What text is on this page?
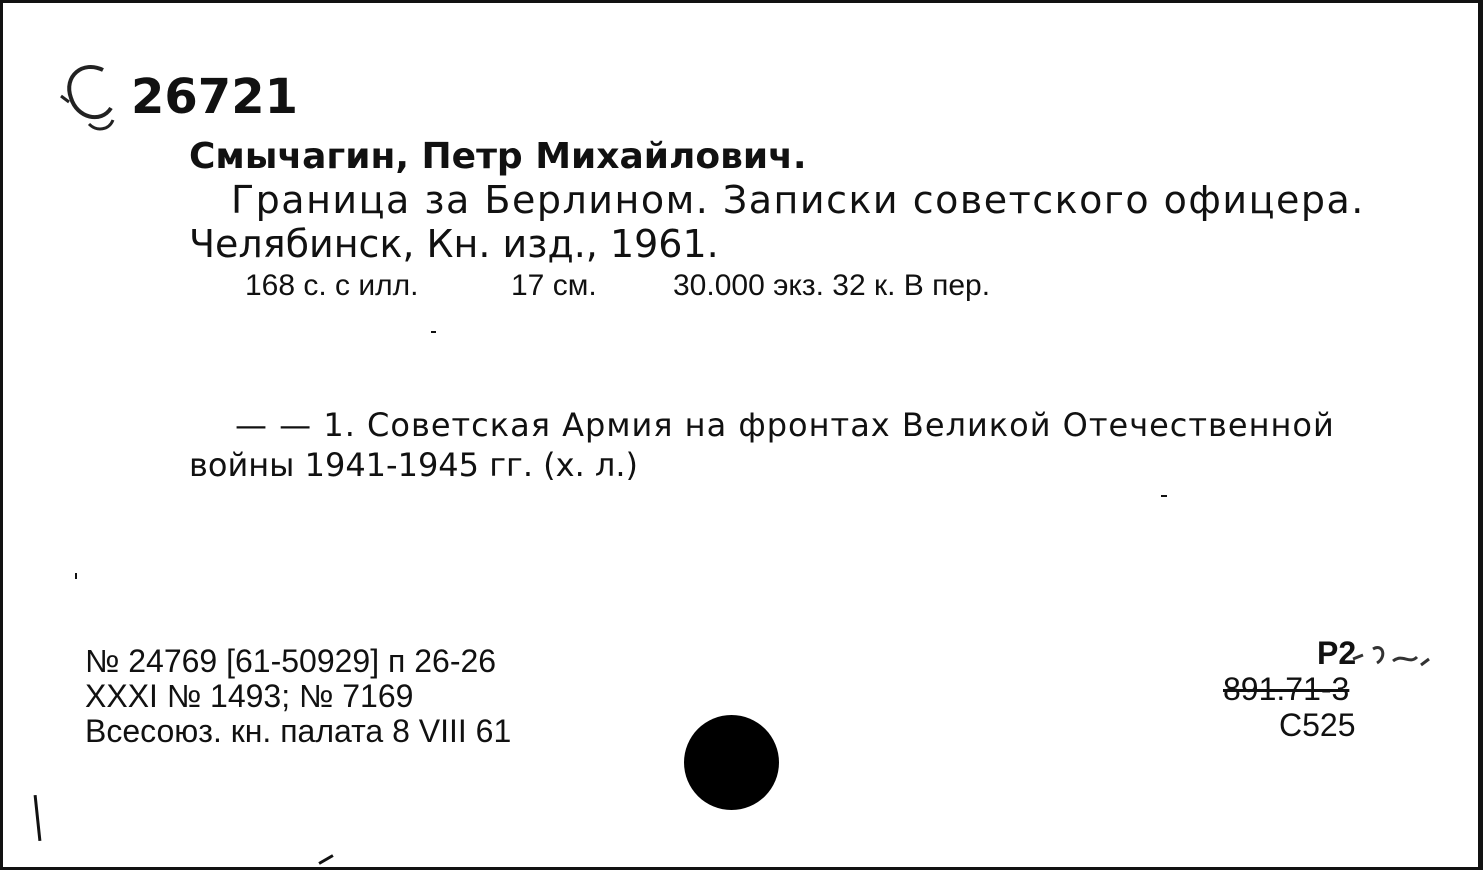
26721
Смычагин, Петр Михайлович.
Граница за Берлином. Записки советского офицера.
Челябинск, Кн. изд., 1961.
168 с. с илл.	17 см.	30.000 экз. 32 к. В пер.
— — 1. Советская Армия на фронтах Великой Отечественной
войны 1941-1945 гг. (х. л.)
№ 24769 [61-50929] п 26-26
XXXI № 1493; № 7169
Всесоюз. кн. палата 8 VIII 61
Р2
891.71-3
С525
